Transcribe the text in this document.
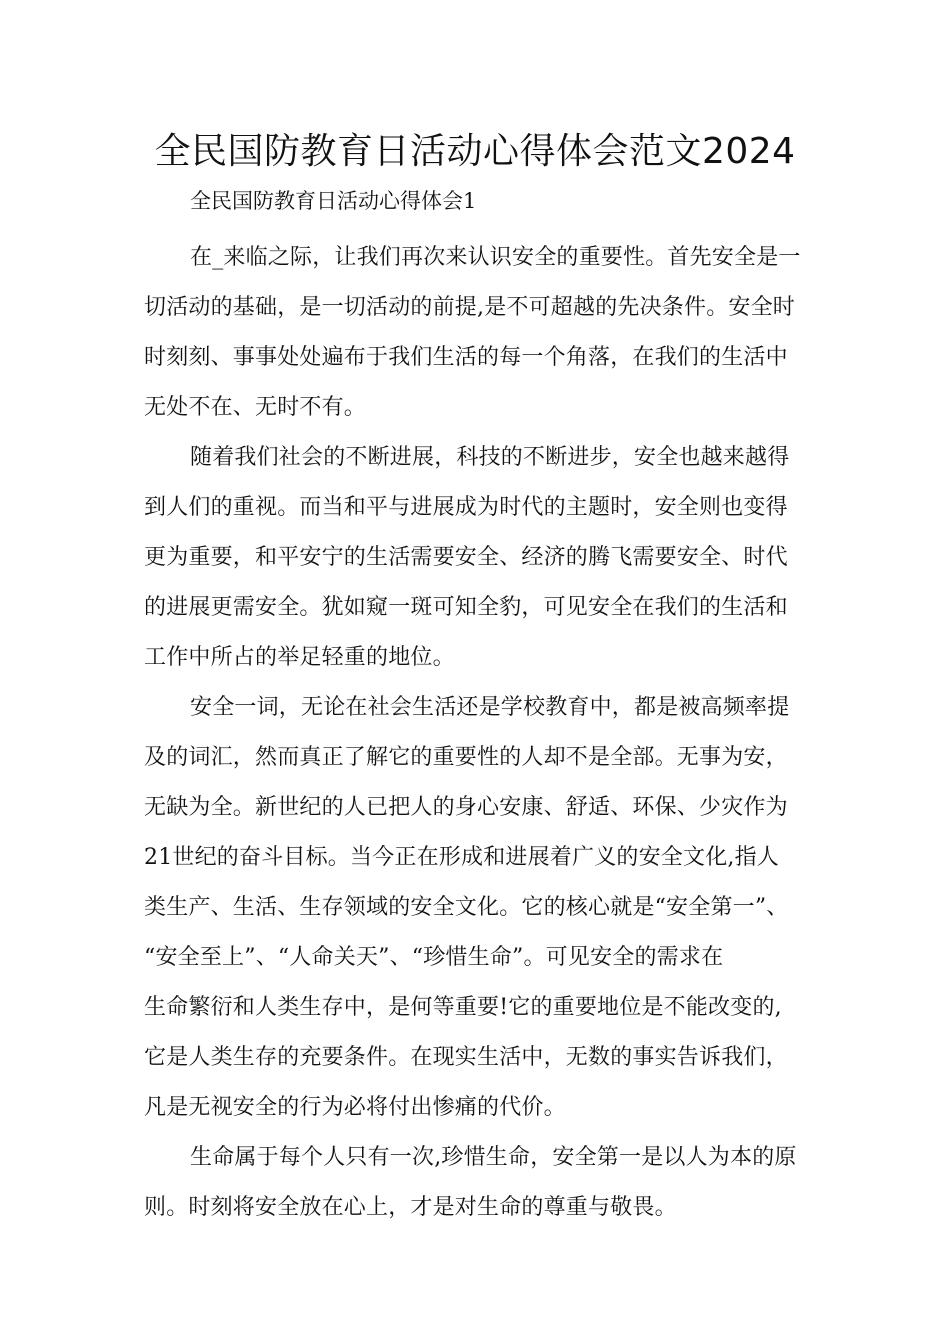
全民国防教育日活动心得体会范文2024

全民国防教育日活动心得体会1

在_来临之际，让我们再次来认识安全的重要性。首先安全是一
切活动的基础，是一切活动的前提,是不可超越的先决条件。安全时
时刻刻、事事处处遍布于我们生活的每一个角落，在我们的生活中
无处不在、无时不有。

随着我们社会的不断进展，科技的不断进步，安全也越来越得
到人们的重视。而当和平与进展成为时代的主题时，安全则也变得
更为重要，和平安宁的生活需要安全、经济的腾飞需要安全、时代
的进展更需安全。犹如窥一斑可知全豹，可见安全在我们的生活和
工作中所占的举足轻重的地位。

安全一词，无论在社会生活还是学校教育中，都是被高频率提
及的词汇，然而真正了解它的重要性的人却不是全部。无事为安，
无缺为全。新世纪的人已把人的身心安康、舒适、环保、少灾作为
21世纪的奋斗目标。当今正在形成和进展着广义的安全文化,指人
类生产、生活、生存领域的安全文化。它的核心就是“安全第一”、
“安全至上”、“人命关天”、“珍惜生命”。可见安全的需求在
生命繁衍和人类生存中，是何等重要!它的重要地位是不能改变的,
它是人类生存的充要条件。在现实生活中，无数的事实告诉我们，
凡是无视安全的行为必将付出惨痛的代价。

生命属于每个人只有一次,珍惜生命，安全第一是以人为本的原
则。时刻将安全放在心上，才是对生命的尊重与敬畏。
